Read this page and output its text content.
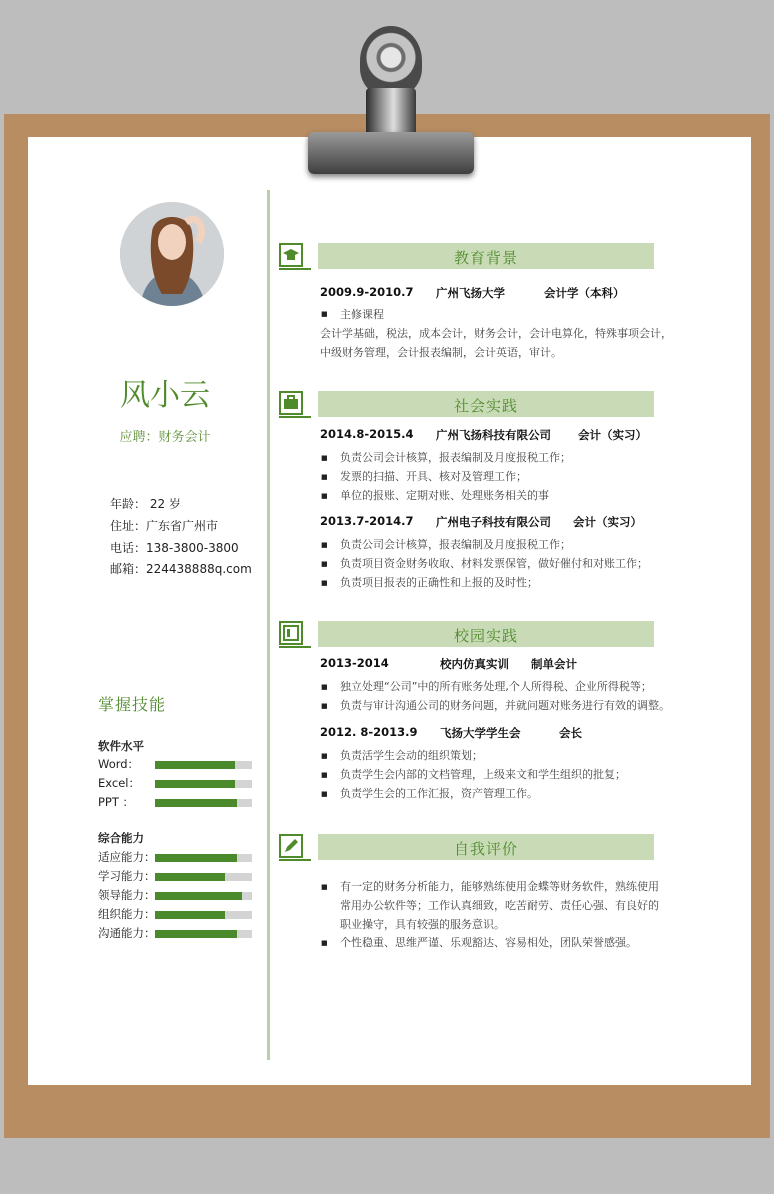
风小云
应聘：财务会计
年龄： 22 岁
住址：广东省广州市
电话：138-3800-3800
邮箱：224438888q.com
掌握技能
软件水平
Word：
Excel：
PPT ：
综合能力
适应能力：
学习能力：
领导能力：
组织能力：
沟通能力：
教育背景
2009.9-2010.7 广州飞扬大学	会计学（本科）
■ 主修课程
会计学基础，税法，成本会计，财务会计，会计电算化，特殊事项会计，
中级财务管理，会计报表编制，会计英语，审计。
社会实践
2014.8-2015.4 广州飞扬科技有限公司 会计（实习）
■ 负责公司会计核算，报表编制及月度报税工作；
■ 发票的扫描、开具、核对及管理工作；
■ 单位的报账、定期对账、处理账务相关的事
2013.7-2014.7 广州电子科技有限公司 会计（实习）
■ 负责公司会计核算，报表编制及月度报税工作；
■ 负责项目资金财务收取、材料发票保管，做好催付和对账工作；
■ 负责项目报表的正确性和上报的及时性；
校园实践
2013-2014	校内仿真实训 制单会计
■ 独立处理“公司”中的所有账务处理,个人所得税、企业所得税等；
■ 负责与审计沟通公司的财务问题，并就问题对账务进行有效的调整。
2012. 8-2013.9 飞扬大学学生会	会长
■ 负责活学生会动的组织策划；
■ 负责学生会内部的文档管理，上级来文和学生组织的批复；
■ 负责学生会的工作汇报，资产管理工作。
自我评价
■ 有一定的财务分析能力，能够熟练使用金蝶等财务软件，熟练使用
常用办公软件等；工作认真细致，吃苦耐劳、责任心强、有良好的
职业操守，具有较强的服务意识。
■ 个性稳重、思维严谨、乐观豁达、容易相处，团队荣誉感强。
